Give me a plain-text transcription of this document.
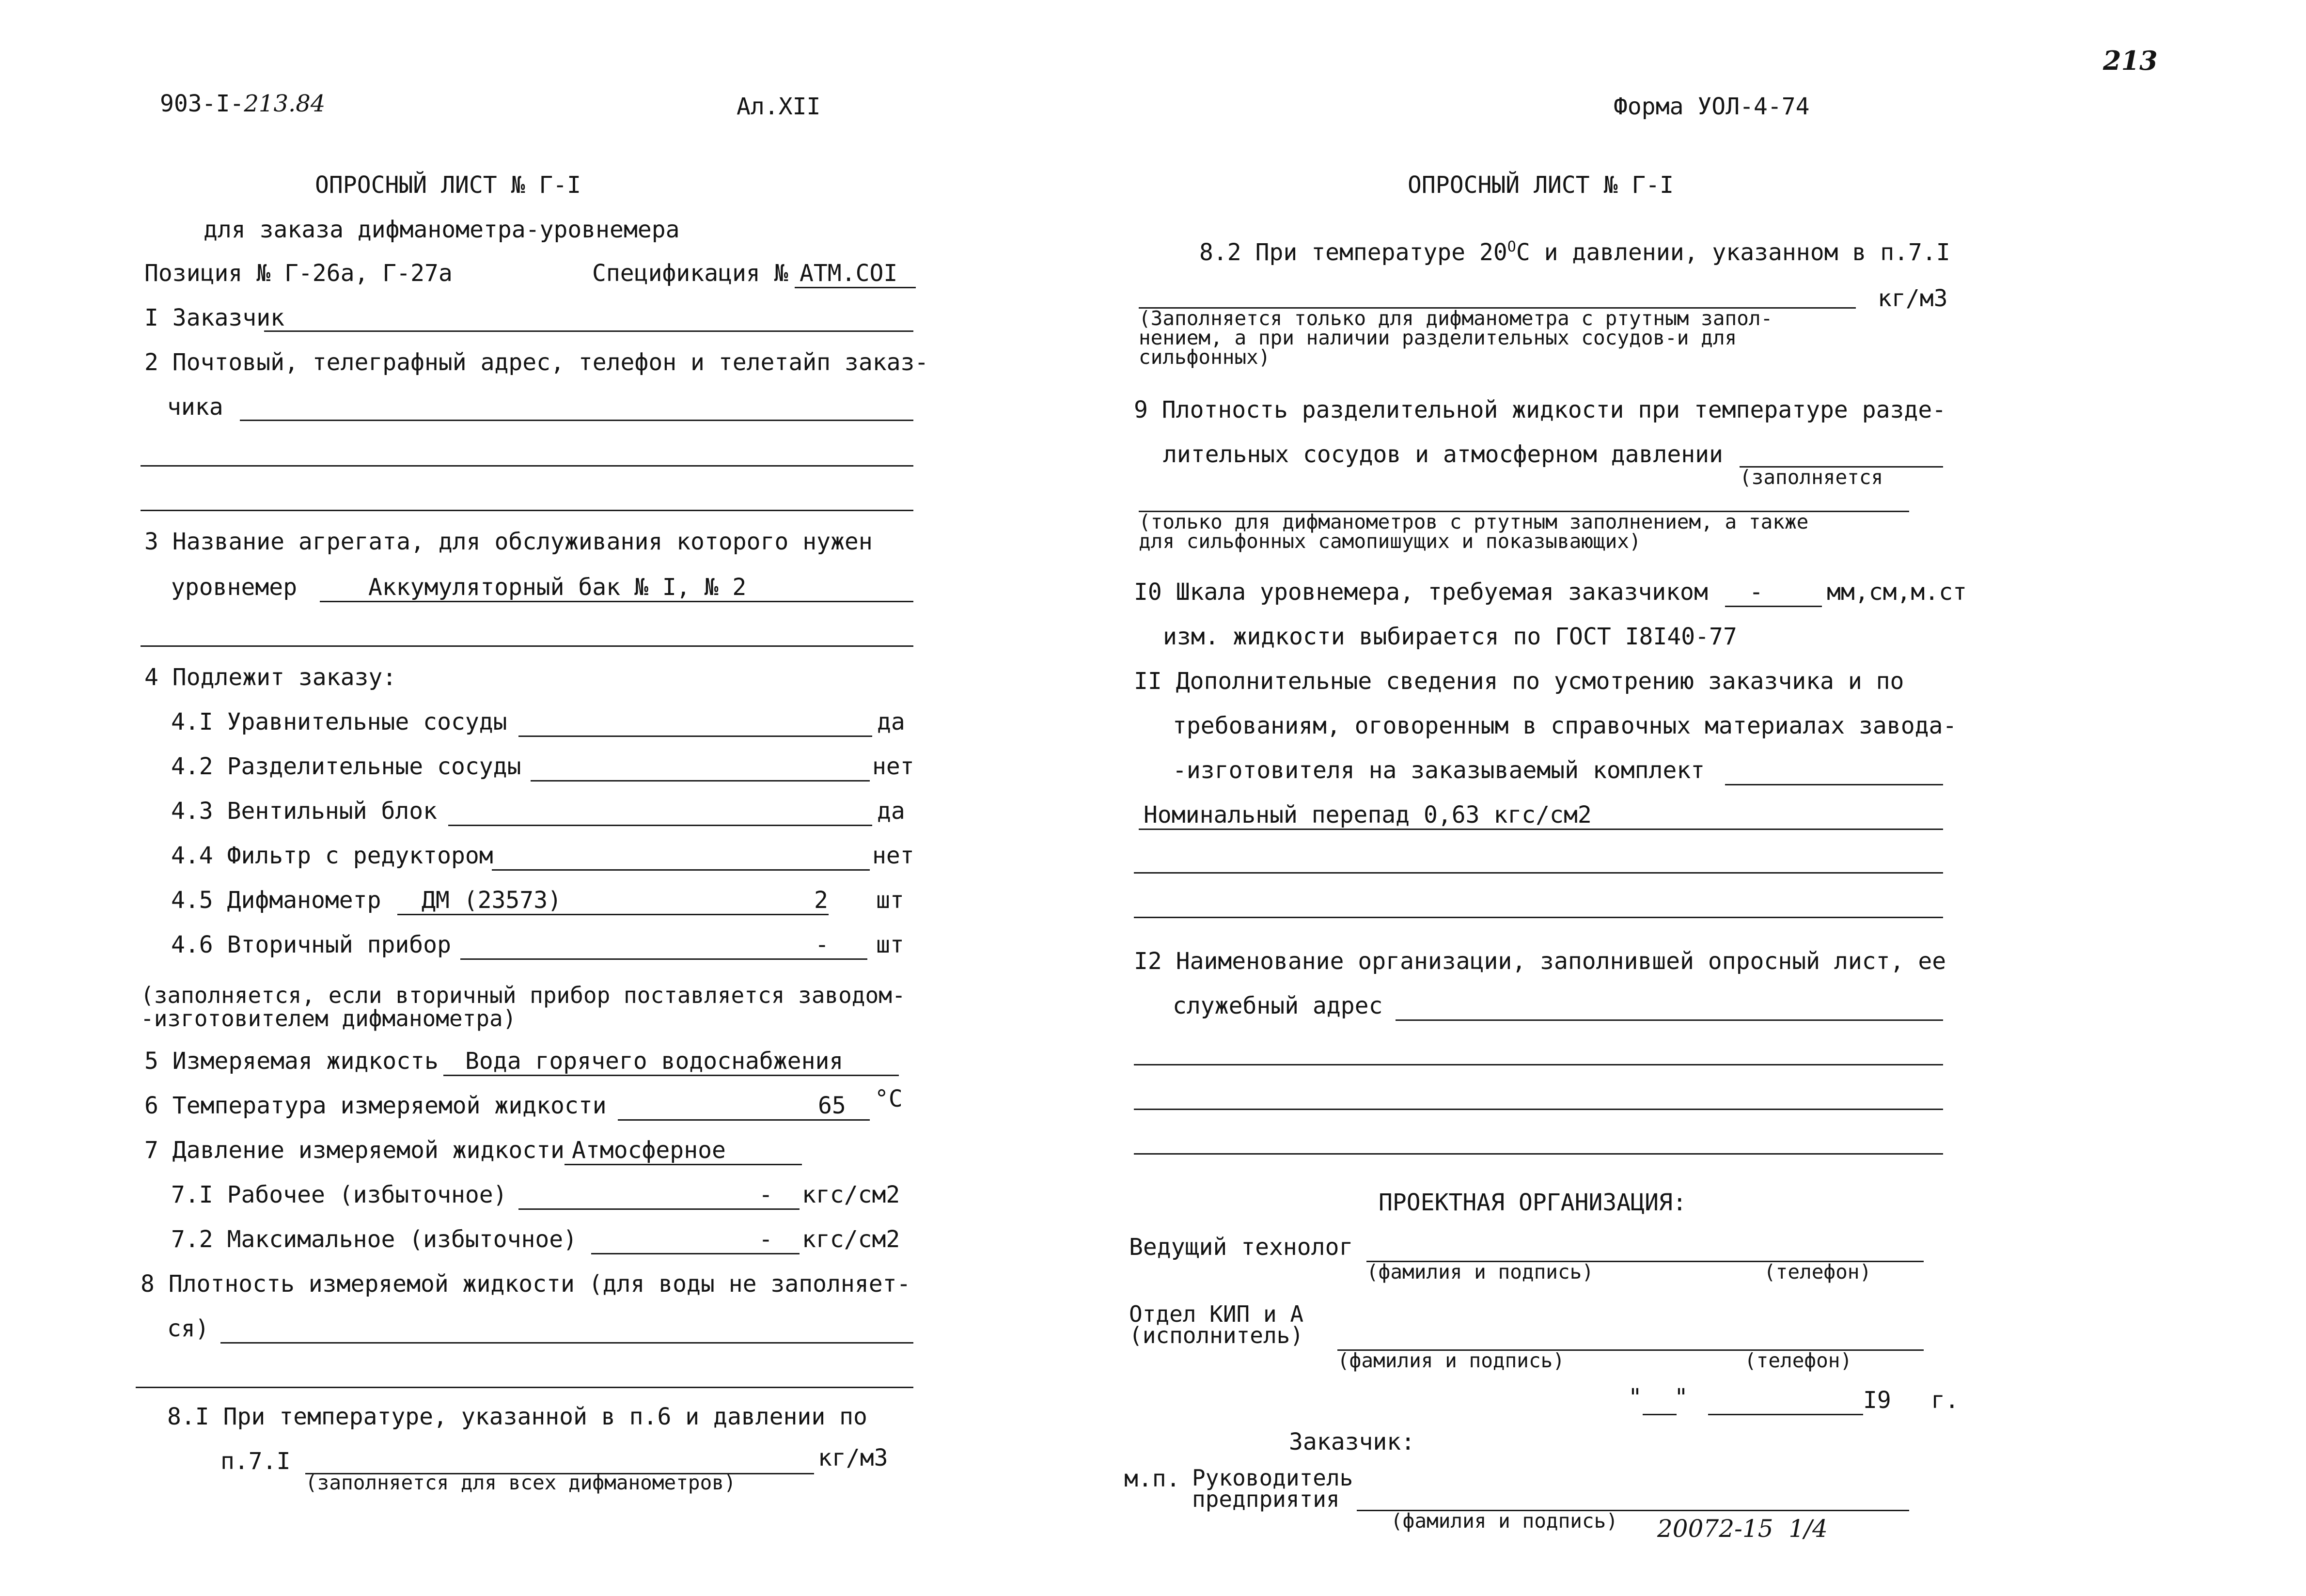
903-I-213.84	Ал.XII	Форма УОЛ-4-74
213
ОПРОСНЫЙ ЛИСТ № Г-I
для заказа дифманометра-уровнемера
Позиция № Г-26а, Г-27а	Спецификация № АТМ.COI
I Заказчик
2 Почтовый, телеграфный адрес, телефон и телетайп заказ-
чика
3 Название агрегата, для обслуживания которого нужен
уровнемер	Аккумуляторный бак № I, № 2
4 Подлежит заказу:
4.I Уравнительные сосуды	да
4.2 Разделительные сосуды	нет
4.3 Вентильный блок	да
4.4 Фильтр с редуктором	нет
4.5 Дифманометр ДМ (23573)	2 шт
4.6 Вторичный прибор	- шт
(заполняется, если вторичный прибор поставляется заводом-
-изготовителем дифманометра)
5 Измеряемая жидкость Вода горячего водоснабжения
6 Температура измеряемой жидкости	65 °C
7 Давление измеряемой жидкости Атмосферное
7.I Рабочее (избыточное)	- кгс/см2
7.2 Максимальное (избыточное)	- кгс/см2
8 Плотность измеряемой жидкости (для воды не заполняет-
ся)
8.I При температуре, указанной в п.6 и давлении по
п.7.I	кг/м3
(заполняется для всех дифманометров)
ОПРОСНЫЙ ЛИСТ № Г-I
8.2 При температуре $20^ОС$ и давлении, указанном в п.7.I
кг/м3
(Заполняется только для дифманометра с ртутным запол-
нением, а при наличии разделительных сосудов-и для
сильфонных)
9 Плотность разделительной жидкости при температуре разде-
лительных сосудов и атмосферном давлении
(заполняется
(только для дифманометров с ртутным заполнением, а также
для сильфонных самопишущих и показывающих)
I0 Шкала уровнемера, требуемая заказчиком -	мм,см,м.ст
изм. жидкости выбирается по ГОСТ I8I40-77
II Дополнительные сведения по усмотрению заказчика и по
требованиям, оговоренным в справочных материалах завода-
-изготовителя на заказываемый комплект
Номинальный перепад 0,63 кгс/см2
I2 Наименование организации, заполнившей опросный лист, ее
служебный адрес
ПРОЕКТНАЯ ОРГАНИЗАЦИЯ:
Ведущий технолог
(фамилия и подпись)	(телефон)
Отдел КИП и А
(исполнитель)
(фамилия и подпись)	(телефон)
" "	I9 г.
Заказчик:
м.п. Руководитель
предприятия
(фамилия и подпись) 20072-15  1/4
